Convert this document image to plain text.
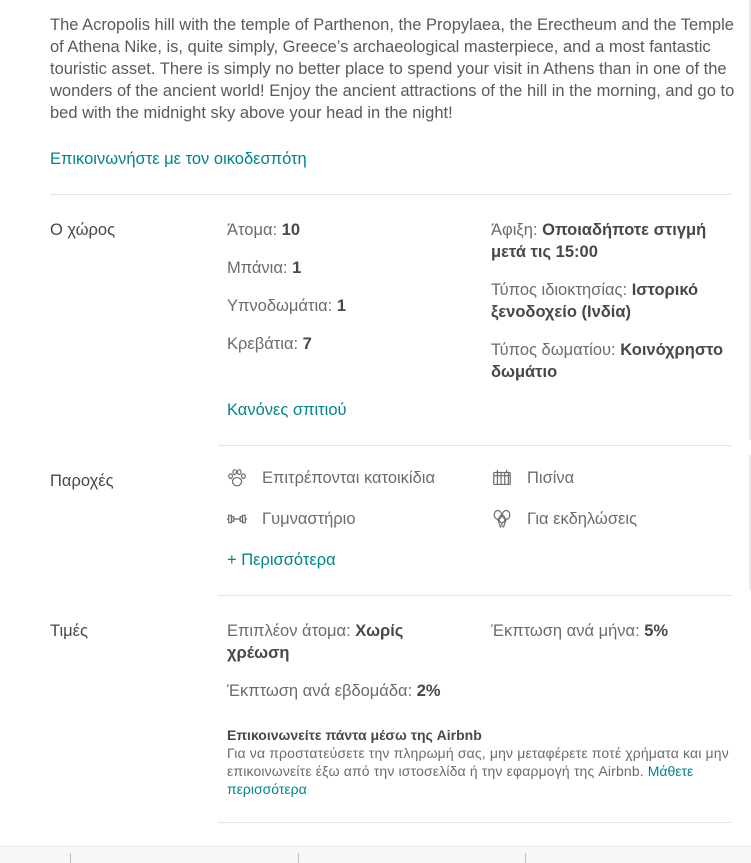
The Acropolis hill with the temple of Parthenon, the Propylaea, the Erectheum and the Temple of Athena Nike, is, quite simply, Greece’s archaeological masterpiece, and a most fantastic touristic asset. There is simply no better place to spend your visit in Athens than in one of the wonders of the ancient world! Enjoy the ancient attractions of the hill in the morning, and go to bed with the midnight sky above your head in the night!
Επικοινωνήστε με τον οικοδεσπότη
Ο χώρος	Άτομα: 10
Μπάνια: 1
Υπνοδωμάτια: 1
Κρεβάτια: 7
Άφιξη: Οποιαδήποτε στιγμή μετά τις 15:00
Τύπος ιδιοκτησίας: Ιστορικό ξενοδοχείο (Ινδία)
Τύπος δωματίου: Κοινόχρηστο δωμάτιο
Κανόνες σπιτιού
Παροχές	Επιτρέπονται κατοικίδια	Πισίνα
Γυμναστήριο	Για εκδηλώσεις
+ Περισσότερα
Τιμές	Επιπλέον άτομα: Χωρίς χρέωση
Έκπτωση ανά μήνα: 5%
Έκπτωση ανά εβδομάδα: 2%
Επικοινωνείτε πάντα μέσω της Airbnb
Για να προστατεύσετε την πληρωμή σας, μην μεταφέρετε ποτέ χρήματα και μην επικοινωνείτε έξω από την ιστοσελίδα ή την εφαρμογή της Airbnb. Μάθετε περισσότερα
